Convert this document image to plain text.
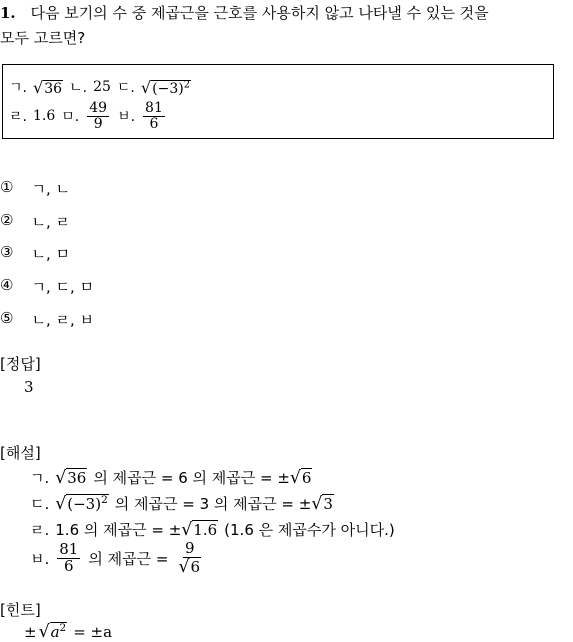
1. 다음 보기의 수 중 제곱근을 근호를 사용하지 않고 나타낼 수 있는 것을
모두 고르면?
ㄱ. √36 ㄴ. 25 ㄷ. $√(-3)^2$
ㄹ. 1.6 ㅁ. $\frac{49}{9}$ ㅂ. $\frac{81}{6}$
① ㄱ, ㄴ
② ㄴ, ㄹ
③ ㄴ, ㅁ
④ ㄱ, ㄷ, ㅁ
⑤ ㄴ, ㄹ, ㅂ
[정답]
3
[해설]
ㄱ. √36 의 제곱근 = 6 의 제곱근 = ± √6
ㄷ. $√(-3)^2$ 의 제곱근 = 3 의 제곱근 = ± √3
ㄹ. 1.6 의 제곱근 = ± √1.6 (1.6 은 제곱수가 아니다.)
ㅂ. $\frac{81}{6}$ 의 제곱근 = $\frac{9}{√6}$
[힌트]
± $√a^2 = \pm a$
